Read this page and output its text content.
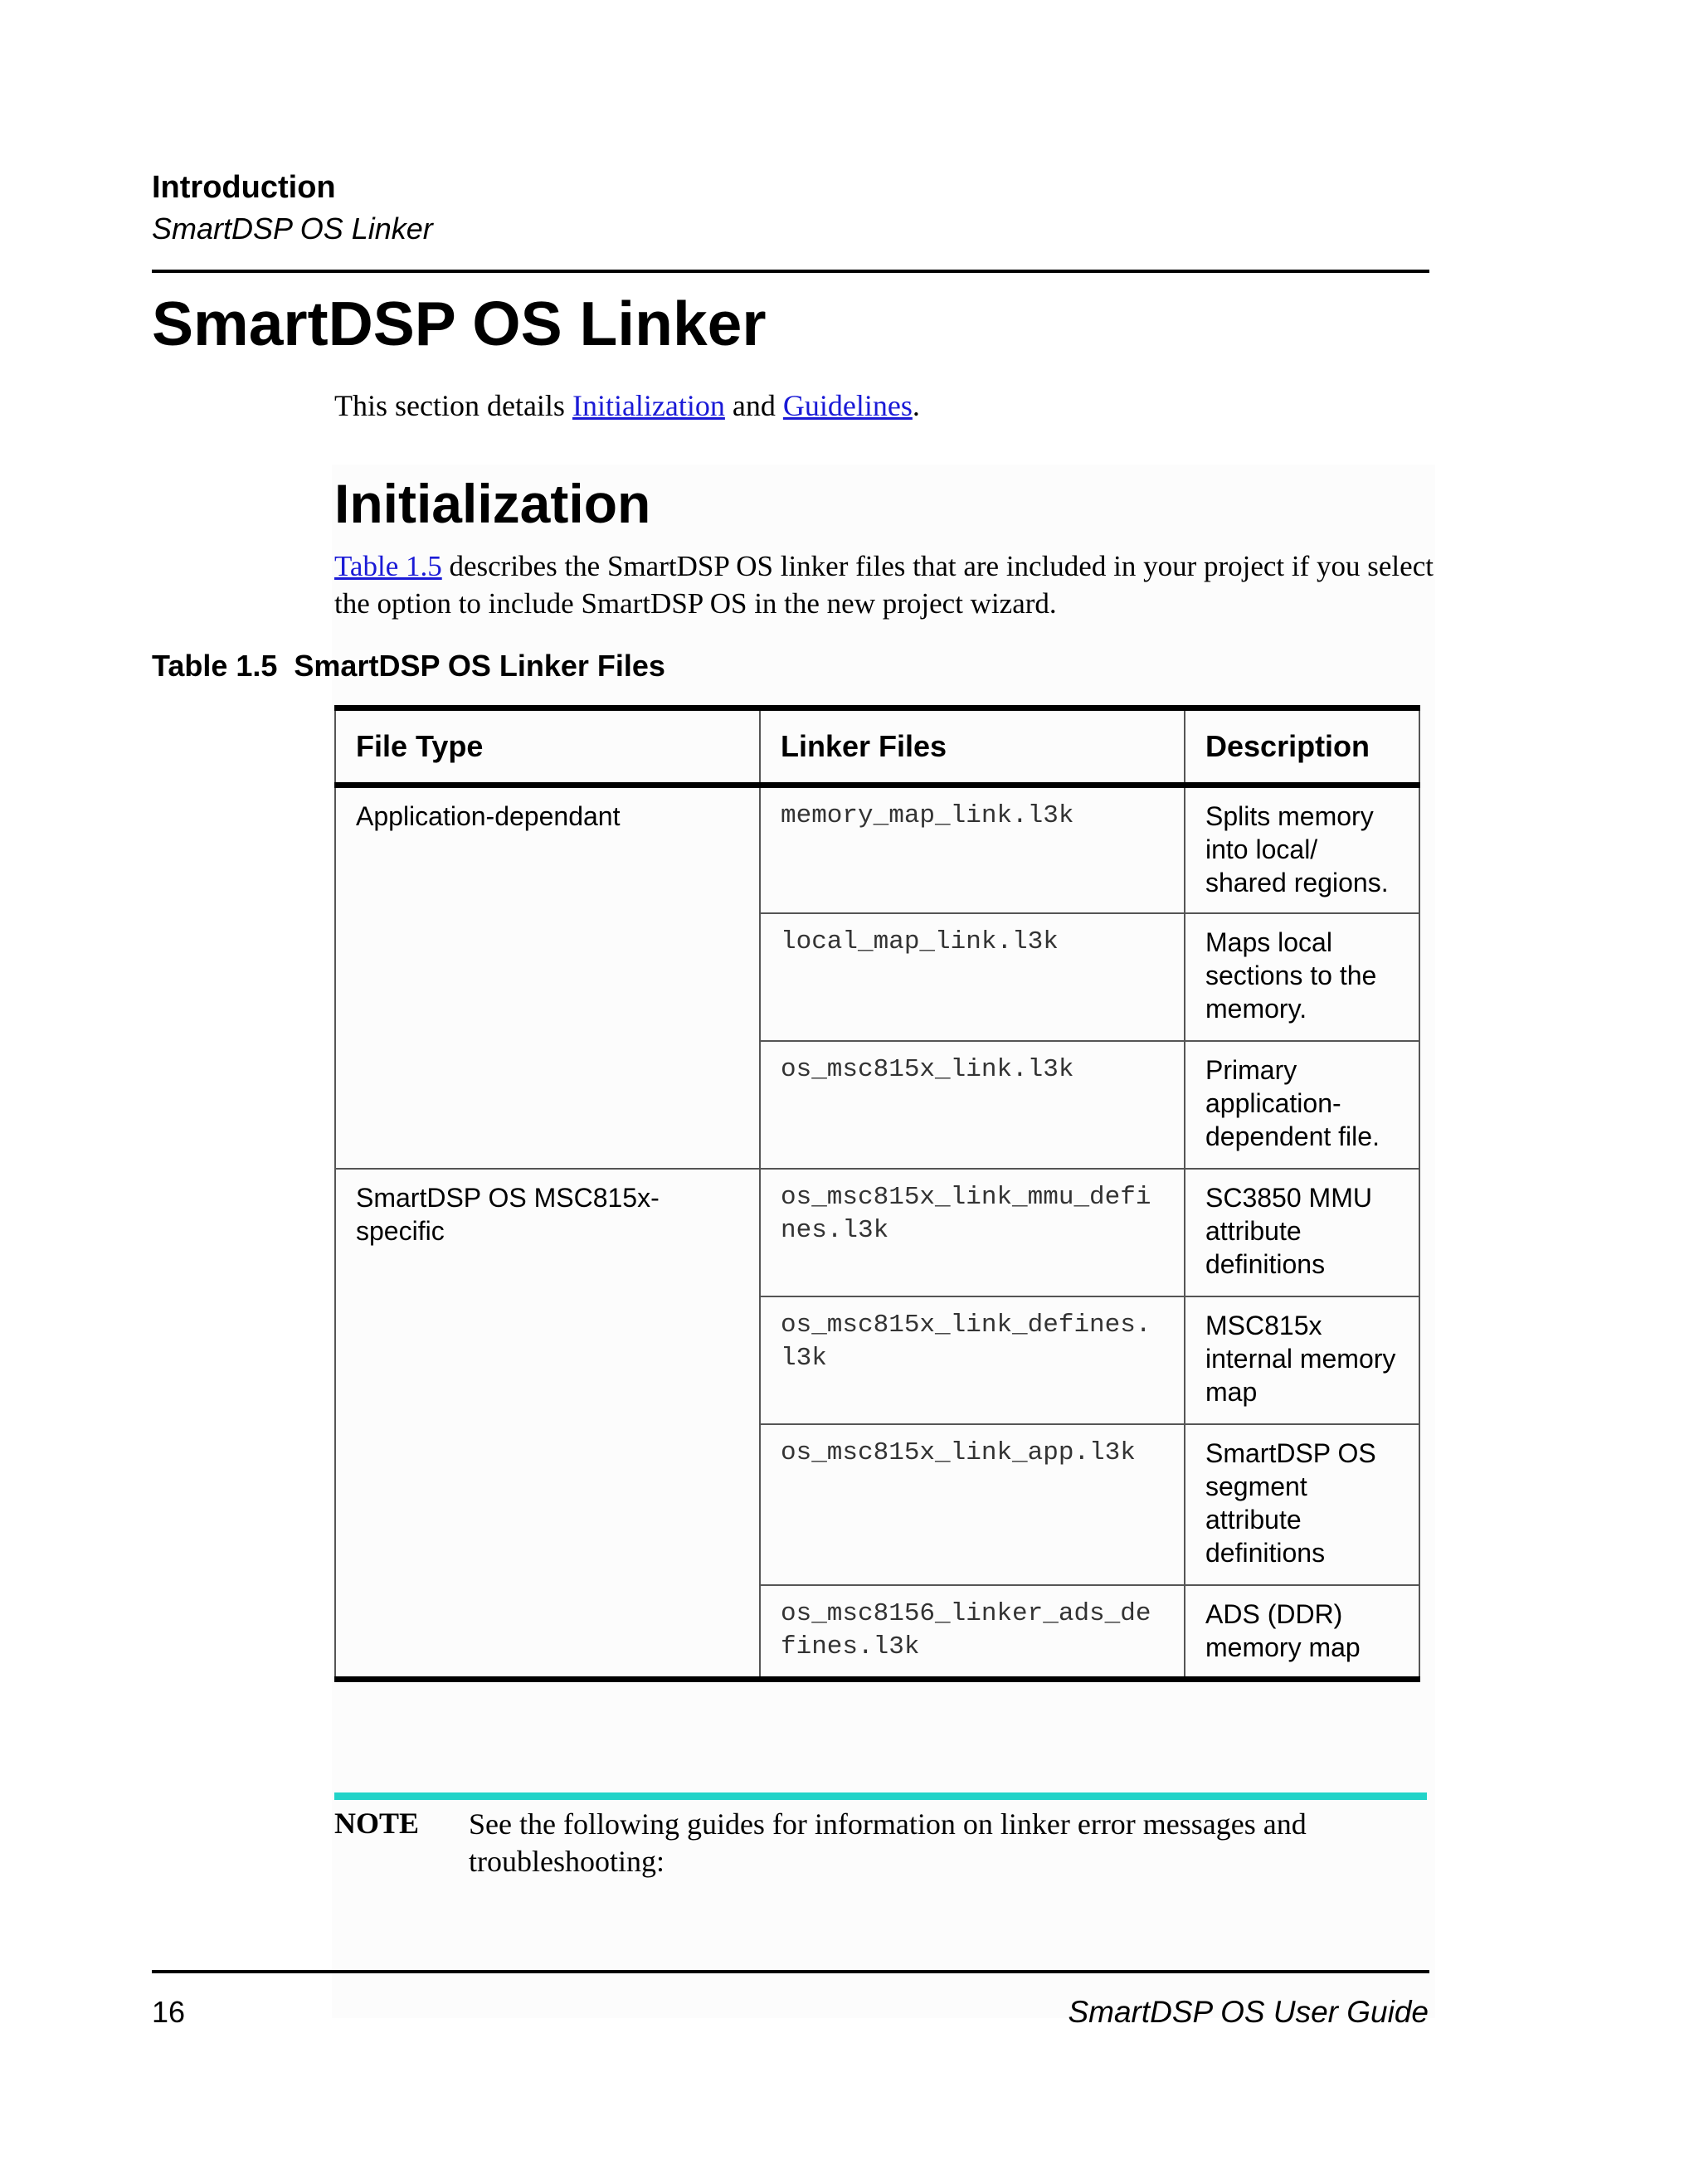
Introduction
SmartDSP OS Linker
SmartDSP OS Linker
This section details Initialization and Guidelines.
Initialization
Table 1.5 describes the SmartDSP OS linker files that are included in your project if you select the option to include SmartDSP OS in the new project wizard.
Table 1.5 SmartDSP OS Linker Files
File Type	Linker Files	Description
Application-dependant	memory_map_link.l3k	Splits memory into local/ shared regions.
	local_map_link.l3k	Maps local sections to the memory.
	os_msc815x_link.l3k	Primary application-dependent file.
SmartDSP OS MSC815x-specific	os_msc815x_link_mmu_defines.l3k	SC3850 MMU attribute definitions
	os_msc815x_link_defines.l3k	MSC815x internal memory map
	os_msc815x_link_app.l3k	SmartDSP OS segment attribute definitions
	os_msc8156_linker_ads_defines.l3k	ADS (DDR) memory map
NOTE See the following guides for information on linker error messages and troubleshooting:
16	SmartDSP OS User Guide
